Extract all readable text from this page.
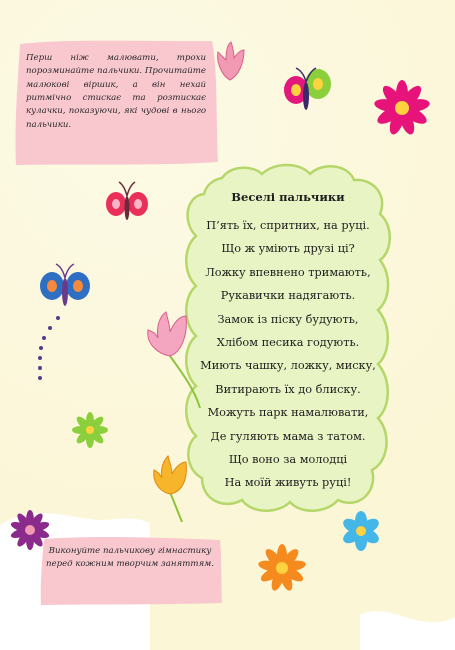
Перш ніж малювати, трохи порозминайте пальчики. Прочитайте малюкові віршик, а він нехай ритмічно стискає та розтискає кулачки, показуючи, які чудові в нього пальчики.
Виконуйте пальчикову гімнастику перед кожним творчим заняттям.
Веселі пальчики
П’ять їх, спритних, на руці.
Що ж уміють друзі ці?
Ложку впевнено тримають,
Рукавички надягають.
Замок із піску будують,
Хлібом песика годують.
Миють чашку, ложку, миску,
Витирають їх до блиску.
Можуть парк намалювати,
Де гуляють мама з татом.
Що воно за молодці
На моїй живуть руці!
